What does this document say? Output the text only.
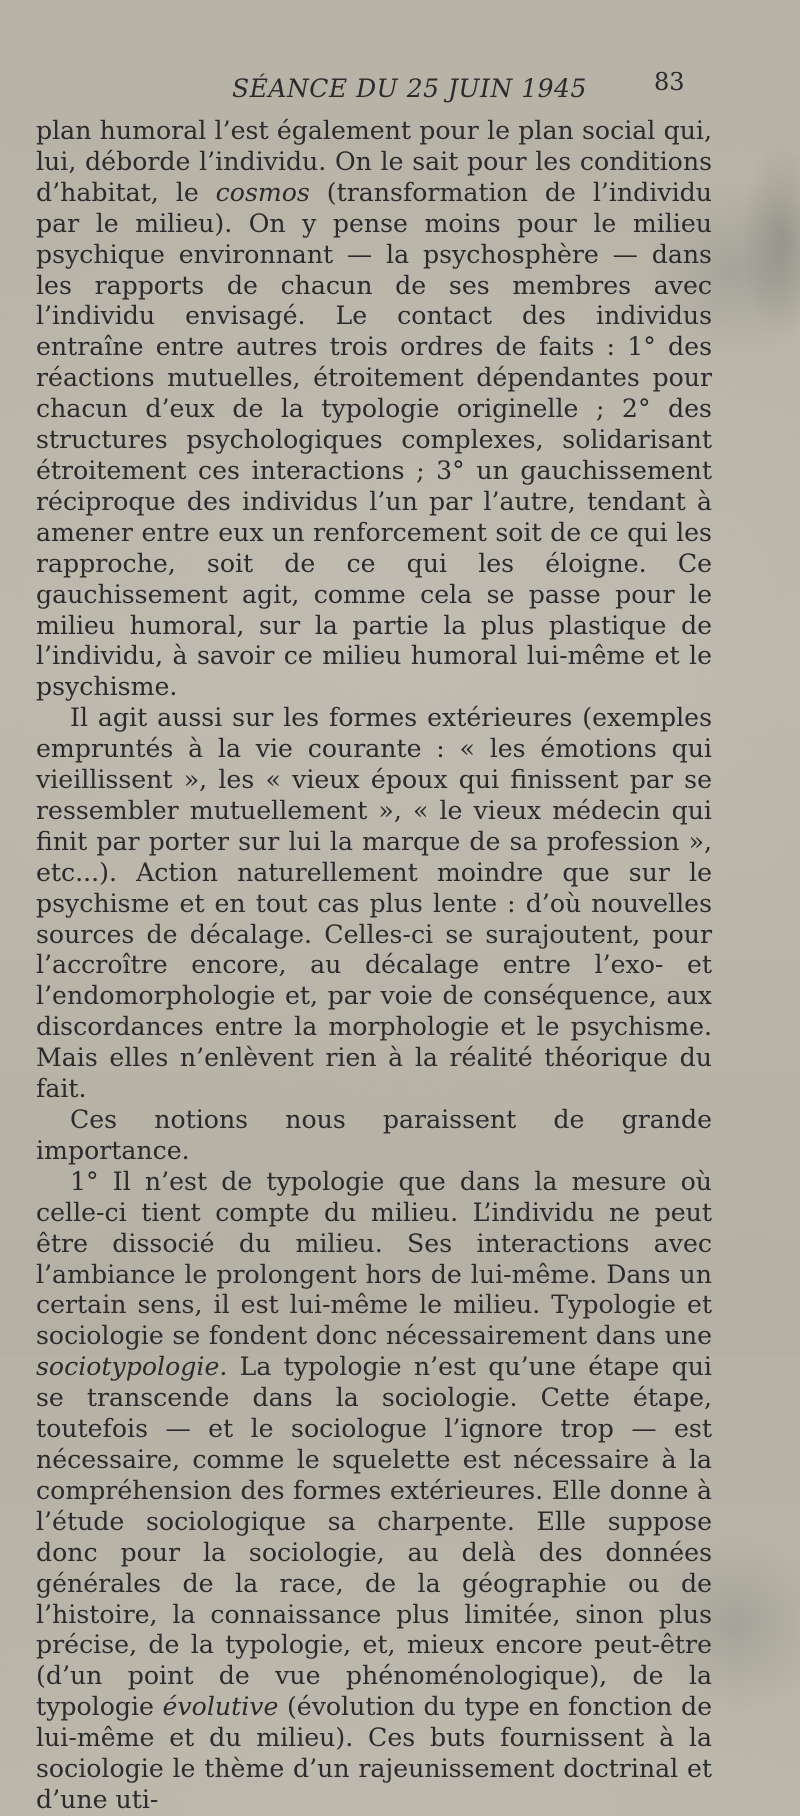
SÉANCE DU 25 JUIN 1945	83

plan humoral l’est également pour le plan social qui, lui, déborde l’individu. On le sait pour les conditions d’habitat, le cosmos (transformation de l’individu par le milieu). On y pense moins pour le milieu psychique environnant — la psychosphère — dans les rapports de chacun de ses membres avec l’individu envisagé. Le contact des individus entraîne entre autres trois ordres de faits : 1° des réactions mutuelles, étroitement dépendantes pour chacun d’eux de la typologie originelle ; 2° des structures psychologiques complexes, solidarisant étroitement ces interactions ; 3° un gauchissement réciproque des individus l’un par l’autre, tendant à amener entre eux un renforcement soit de ce qui les rapproche, soit de ce qui les éloigne. Ce gauchissement agit, comme cela se passe pour le milieu humoral, sur la partie la plus plastique de l’individu, à savoir ce milieu humoral lui-même et le psychisme.

Il agit aussi sur les formes extérieures (exemples empruntés à la vie courante : « les émotions qui vieillissent », les « vieux époux qui finissent par se ressembler mutuellement », « le vieux médecin qui finit par porter sur lui la marque de sa profession », etc...). Action naturellement moindre que sur le psychisme et en tout cas plus lente : d’où nouvelles sources de décalage. Celles-ci se surajoutent, pour l’accroître encore, au décalage entre l’exo- et l’endomorphologie et, par voie de conséquence, aux discordances entre la morphologie et le psychisme. Mais elles n’enlèvent rien à la réalité théorique du fait.

Ces notions nous paraissent de grande importance.

1° Il n’est de typologie que dans la mesure où celle-ci tient compte du milieu. L’individu ne peut être dissocié du milieu. Ses interactions avec l’ambiance le prolongent hors de lui-même. Dans un certain sens, il est lui-même le milieu. Typologie et sociologie se fondent donc nécessairement dans une sociotypologie. La typologie n’est qu’une étape qui se transcende dans la sociologie. Cette étape, toutefois — et le sociologue l’ignore trop — est nécessaire, comme le squelette est nécessaire à la compréhension des formes extérieures. Elle donne à l’étude sociologique sa charpente. Elle suppose donc pour la sociologie, au delà des données générales de la race, de la géographie ou de l’histoire, la connaissance plus limitée, sinon plus précise, de la typologie, et, mieux encore peut-être (d’un point de vue phénoménologique), de la typologie évolutive (évolution du type en fonction de lui-même et du milieu). Ces buts fournissent à la sociologie le thème d’un rajeunissement doctrinal et d’une uti-
